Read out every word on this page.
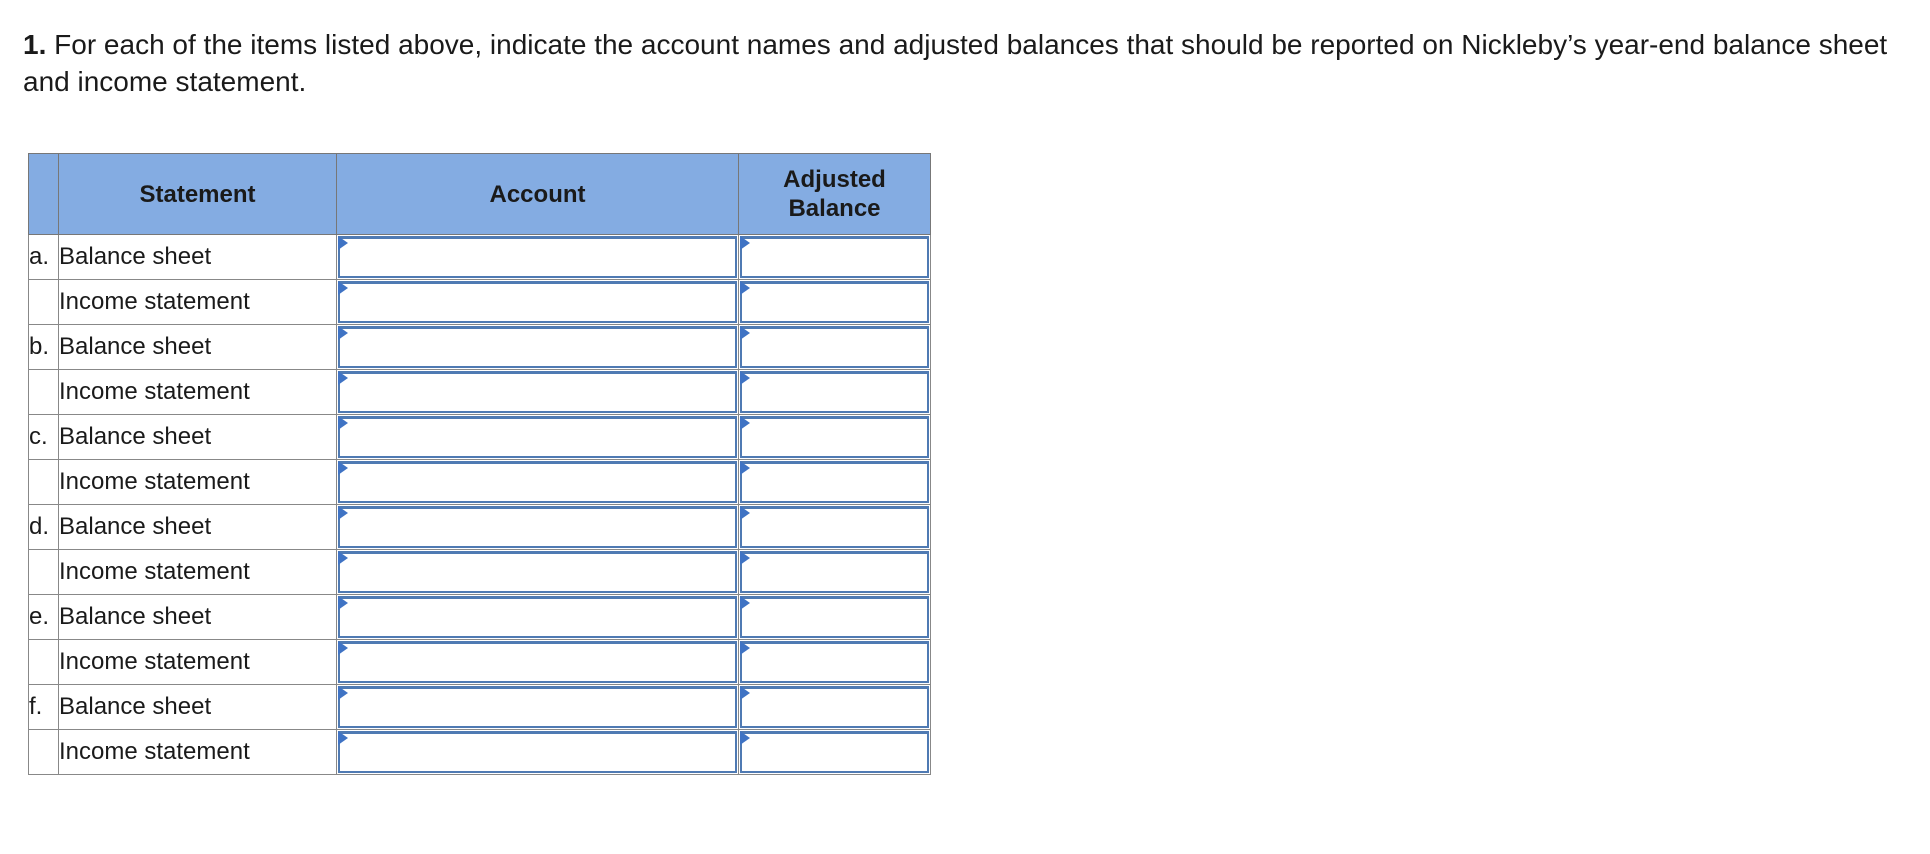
1. For each of the items listed above, indicate the account names and adjusted balances that should be reported on Nickleby’s year-end balance sheet and income statement.

	Statement	Account	Adjusted Balance
a.	Balance sheet	

	Income statement	

b.	Balance sheet	

	Income statement	

c.	Balance sheet	

	Income statement	

d.	Balance sheet	

	Income statement	

e.	Balance sheet	

	Income statement	

f.	Balance sheet	

	Income statement	
